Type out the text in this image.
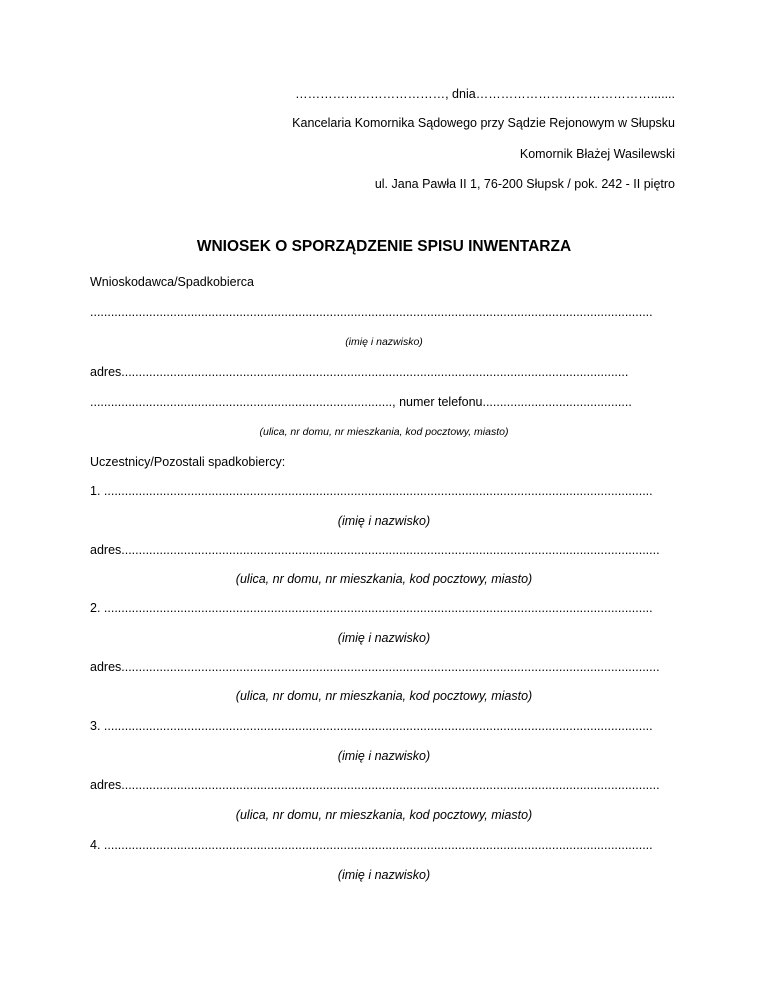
………………………………, dnia…………………………………….......
Kancelaria Komornika Sądowego przy Sądzie Rejonowym w Słupsku
Komornik Błażej Wasilewski
ul. Jana Pawła II 1, 76-200 Słupsk / pok. 242 - II piętro
WNIOSEK O SPORZĄDZENIE SPISU INWENTARZA
Wnioskodawca/Spadkobierca
..................................................................................................................................................................
(imię i nazwisko)
adres..................................................................................................................................................
......................................................................................., numer telefonu...........................................
(ulica, nr domu, nr mieszkania, kod pocztowy, miasto)
Uczestnicy/Pozostali spadkobiercy:
1. ..............................................................................................................................................................
(imię i nazwisko)
adres...........................................................................................................................................................
(ulica, nr domu, nr mieszkania, kod pocztowy, miasto)
2. ..............................................................................................................................................................
(imię i nazwisko)
adres...........................................................................................................................................................
(ulica, nr domu, nr mieszkania, kod pocztowy, miasto)
3. ..............................................................................................................................................................
(imię i nazwisko)
adres...........................................................................................................................................................
(ulica, nr domu, nr mieszkania, kod pocztowy, miasto)
4. ..............................................................................................................................................................
(imię i nazwisko)
